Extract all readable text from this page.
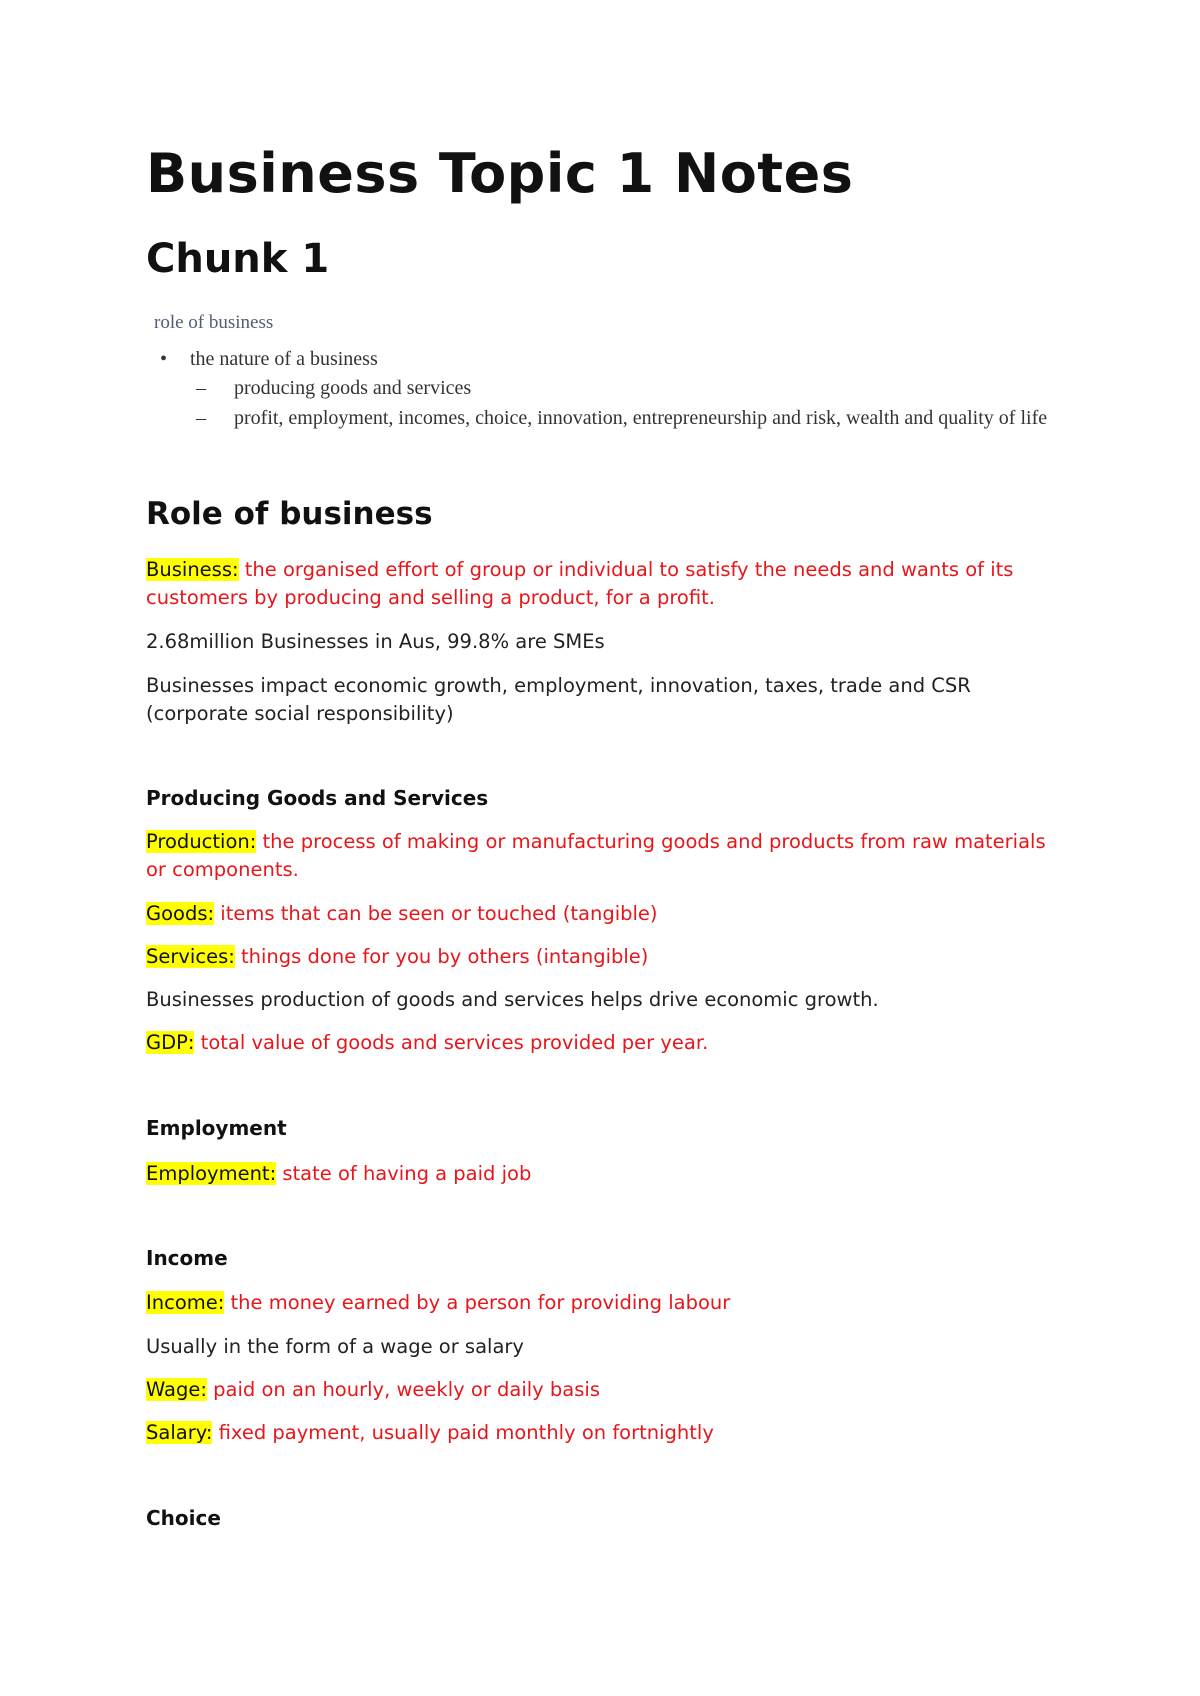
Business Topic 1 Notes
Chunk 1
role of business
• the nature of a business
– producing goods and services
– profit, employment, incomes, choice, innovation, entrepreneurship and risk, wealth and quality of life
Role of business

Business: the organised effort of group or individual to satisfy the needs and wants of its customers by producing and selling a product, for a profit.

2.68million Businesses in Aus, 99.8% are SMEs

Businesses impact economic growth, employment, innovation, taxes, trade and CSR (corporate social responsibility)

Producing Goods and Services

Production: the process of making or manufacturing goods and products from raw materials or components.

Goods: items that can be seen or touched (tangible)

Services: things done for you by others (intangible)

Businesses production of goods and services helps drive economic growth.

GDP: total value of goods and services provided per year.

Employment

Employment: state of having a paid job

Income

Income: the money earned by a person for providing labour

Usually in the form of a wage or salary

Wage: paid on an hourly, weekly or daily basis

Salary: fixed payment, usually paid monthly on fortnightly

Choice
